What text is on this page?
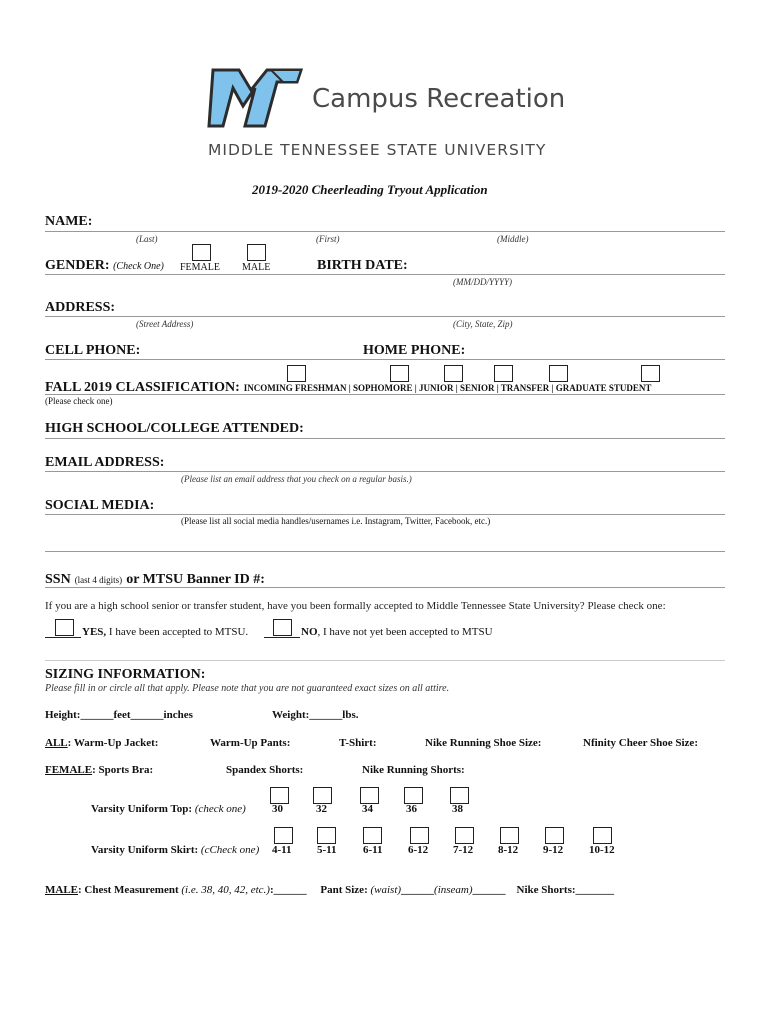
Campus Recreation
MIDDLE TENNESSEE STATE UNIVERSITY
2019-2020 Cheerleading Tryout Application
NAME:
(Last)	(First)	(Middle)
GENDER: (Check One) FEMALE MALE	BIRTH DATE:
(MM/DD/YYYY)
ADDRESS:
(Street Address)	(City, State, Zip)
CELL PHONE:	HOME PHONE:
FALL 2019 CLASSIFICATION: INCOMING FRESHMAN | SOPHOMORE | JUNIOR | SENIOR | TRANSFER | GRADUATE STUDENT
(Please check one)
HIGH SCHOOL/COLLEGE ATTENDED:
EMAIL ADDRESS:
(Please list an email address that you check on a regular basis.)
SOCIAL MEDIA:
(Please list all social media handles/usernames i.e. Instagram, Twitter, Facebook, etc.)
SSN (last 4 digits) or MTSU Banner ID #:
If you are a high school senior or transfer student, have you been formally accepted to Middle Tennessee State University? Please check one:
YES, I have been accepted to MTSU.	NO, I have not yet been accepted to MTSU
SIZING INFORMATION:
Please fill in or circle all that apply. Please note that you are not guaranteed exact sizes on all attire.
Height:______feet______inches	Weight:______lbs.
ALL: Warm-Up Jacket:	Warm-Up Pants:	T-Shirt:	Nike Running Shoe Size:	Nfinity Cheer Shoe Size:
FEMALE: Sports Bra:	Spandex Shorts:	Nike Running Shorts:
Varsity Uniform Top: (check one) 30	32	34	36	38
Varsity Uniform Skirt: (cCheck one) 4-11 5-11 6-11 6-12 7-12 8-12 9-12 10-12
MALE: Chest Measurement (i.e. 38, 40, 42, etc.):______ Pant Size: (waist)______(inseam)______ Nike Shorts:_______
